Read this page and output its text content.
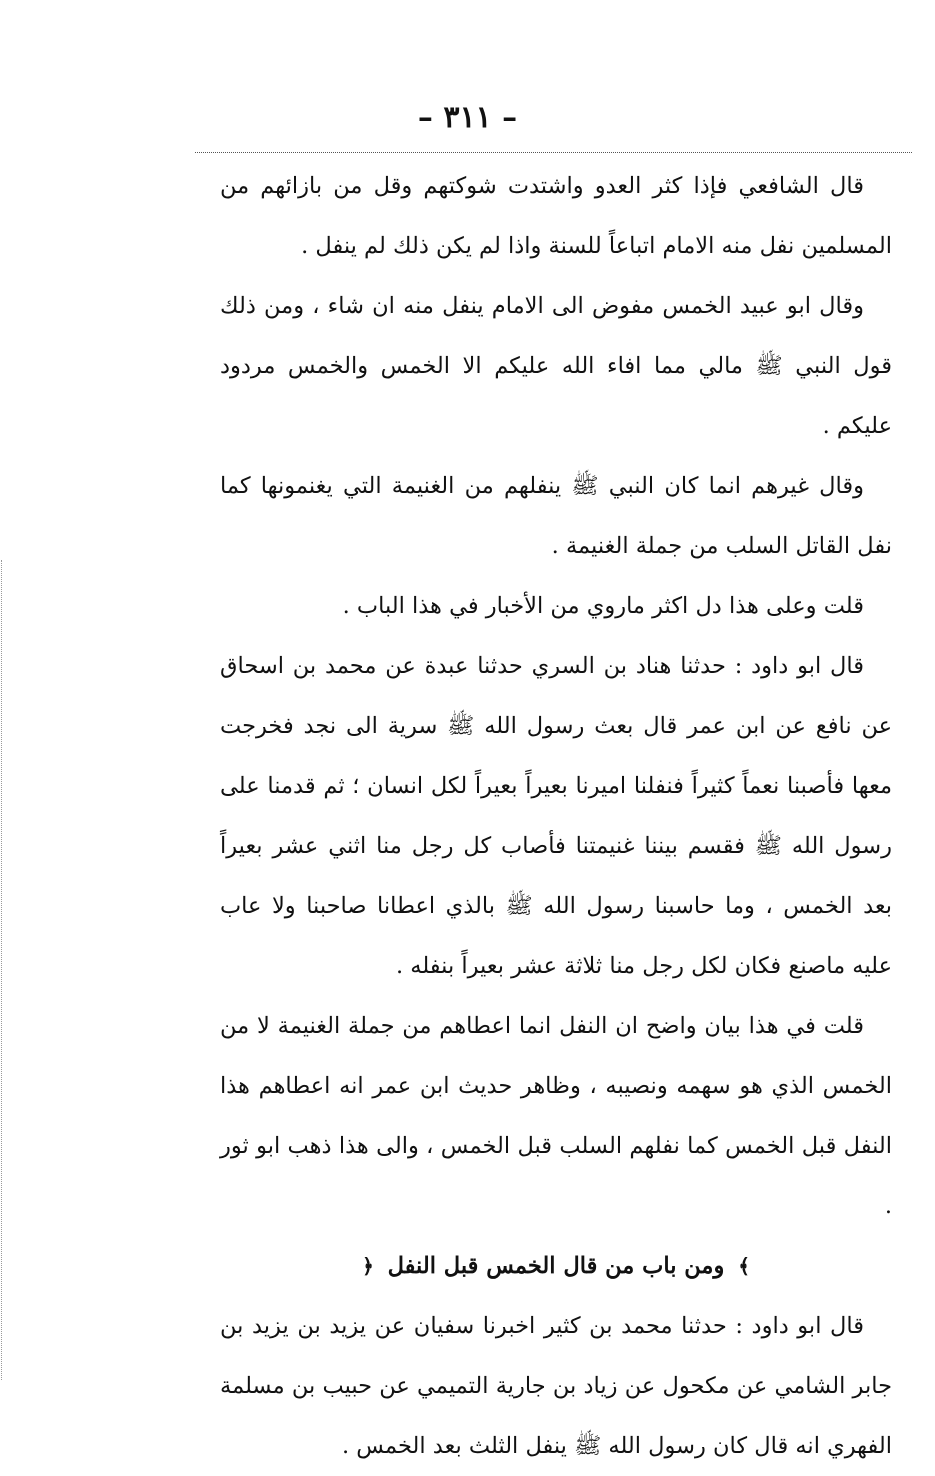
– ٣١١ –

قال الشافعي فإذا كثر العدو واشتدت شوكتهم وقل من بازائهم من المسلمين نفل منه الامام اتباعاً للسنة واذا لم يكن ذلك لم ينفل .

وقال ابو عبيد الخمس مفوض الى الامام ينفل منه ان شاء ، ومن ذلك قول النبي ﷺ مالي مما افاء الله عليكم الا الخمس والخمس مردود عليكم .

وقال غيرهم انما كان النبي ﷺ ينفلهم من الغنيمة التي يغنمونها كما نفل القاتل السلب من جملة الغنيمة .

قلت وعلى هذا دل اكثر ماروي من الأخبار في هذا الباب .

قال ابو داود : حدثنا هناد بن السري حدثنا عبدة عن محمد بن اسحاق عن نافع عن ابن عمر قال بعث رسول الله ﷺ سرية الى نجد فخرجت معها فأصبنا نعماً كثيراً فنفلنا اميرنا بعيراً بعيراً لكل انسان ؛ ثم قدمنا على رسول الله ﷺ فقسم بيننا غنيمتنا فأصاب كل رجل منا اثني عشر بعيراً بعد الخمس ، وما حاسبنا رسول الله ﷺ بالذي اعطانا صاحبنا ولا عاب عليه ماصنع فكان لكل رجل منا ثلاثة عشر بعيراً بنفله .

قلت في هذا بيان واضح ان النفل انما اعطاهم من جملة الغنيمة لا من الخمس الذي هو سهمه ونصيبه ، وظاهر حديث ابن عمر انه اعطاهم هذا النفل قبل الخمس كما نفلهم السلب قبل الخمس ، والى هذا ذهب ابو ثور .

﴾ ومن باب من قال الخمس قبل النفل ﴿

قال ابو داود : حدثنا محمد بن كثير اخبرنا سفيان عن يزيد بن يزيد بن جابر الشامي عن مكحول عن زياد بن جارية التميمي عن حبيب بن مسلمة الفهري انه قال كان رسول الله ﷺ ينفل الثلث بعد الخمس .
